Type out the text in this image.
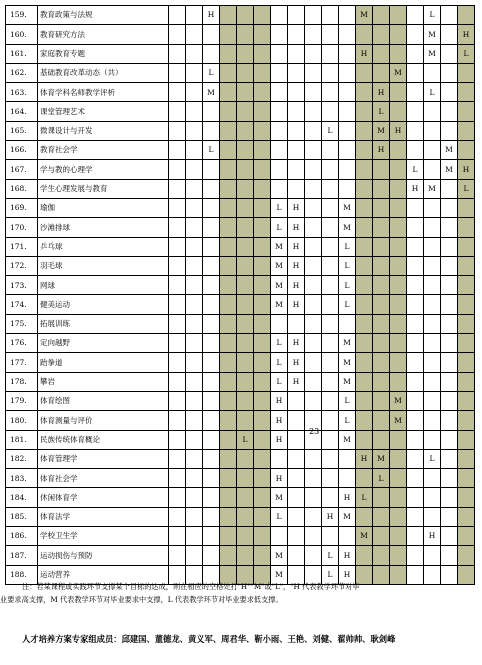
159.	教育政策与法规			H									M				L		
160.	教育研究方法																M		H
161.	家庭教育专题												H				M		L
162.	基础教育改革动态（共）			L											M				
163.	体育学科名师教学评析			M										H			L		
164.	课堂管理艺术													L					
165.	微课设计与开发										L			M	H				
166.	教育社会学			L										H				M	
167.	学与教的心理学															L		M	H
168.	学生心理发展与教育															H	M		L
169.	瑜伽							L	H			M							
170.	沙滩排球							L	H			M							
171.	乒乓球							M	H			L							
172.	羽毛球							M	H			L							
173.	网球							M	H			L							
174.	健美运动							M	H			L							
175.	拓展训练																		
176.	定向越野							L	H			M							
177.	跆拳道							L	H			M							
178.	攀岩							L	H			M							
179.	体育绘图							H				L			M				
180.	体育测量与评价							H				L			M				
181.	民族传统体育概论					L		H				M							
182.	体育管理学												H	M			L		
183.	体育社会学							H						L					
184.	休闲体育学							M				H	L						
185.	体育法学							L			H	M							
186.	学校卫生学												M				H		
187.	运动损伤与预防							M			L	H							
188.	运动营养							M			L	H							
23
注：若某课程或实践环节支撑某个目标的达成，则在相应的空格处打"H""M"或"L"，"H 代表教学环节对毕
业要求高支撑，M 代表教学环节对毕业要求中支撑，L 代表教学环节对毕业要求低支撑。
人才培养方案专家组成员：邱建国、董德龙、黄义军、周君华、靳小雨、王艳、刘健、翟帅帅、耿剑峰
